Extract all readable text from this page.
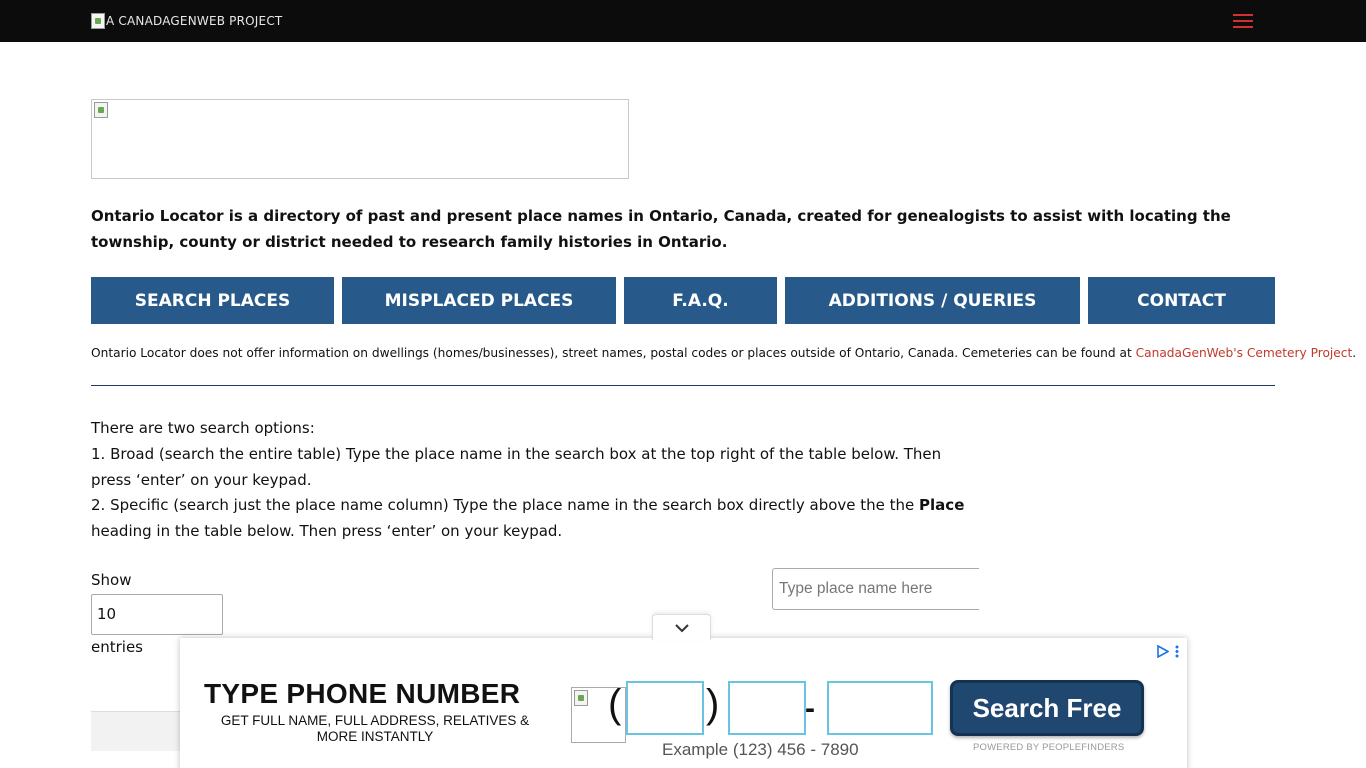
A CANADAGENWEB PROJECT

Ontario Locator is a directory of past and present place names in Ontario, Canada, created for genealogists to assist with locating the township, county or district needed to research family histories in Ontario.

SEARCH PLACES	MISPLACED PLACES	F.A.Q.	ADDITIONS / QUERIES	CONTACT

Ontario Locator does not offer information on dwellings (homes/businesses), street names, postal codes or places outside of Ontario, Canada. Cemeteries can be found at CanadaGenWeb's Cemetery Project.

There are two search options:
1. Broad (search the entire table) Type the place name in the search box at the top right of the table below. Then press ‘enter’ on your keypad.
2. Specific (search just the place name column) Type the place name in the search box directly above the the Place heading in the table below. Then press ‘enter’ on your keypad.
Show
10
entries
Type place name here
TYPE PHONE NUMBER
GET FULL NAME, FULL ADDRESS, RELATIVES & MORE INSTANTLY
( )	-
Example (123) 456 - 7890
Search Free
POWERED BY PEOPLEFINDERS
